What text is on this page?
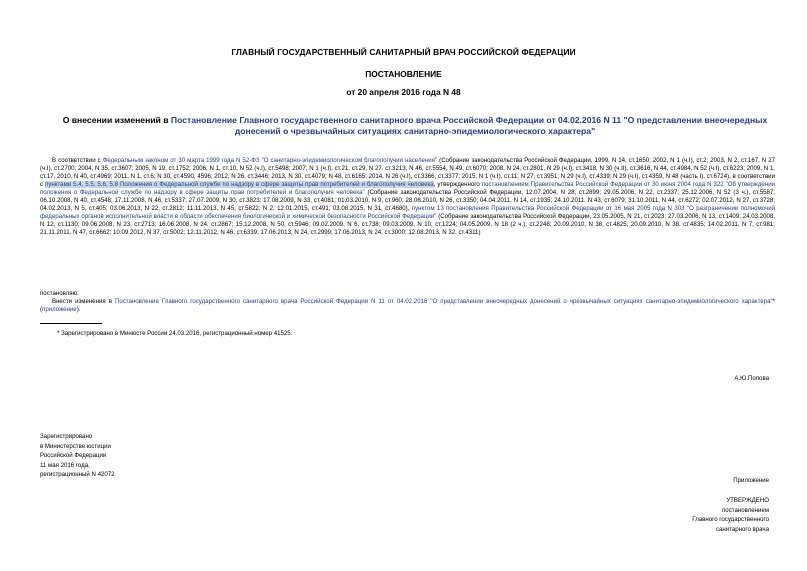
ГЛАВНЫЙ ГОСУДАРСТВЕННЫЙ САНИТАРНЫЙ ВРАЧ РОССИЙСКОЙ ФЕДЕРАЦИИ
ПОСТАНОВЛЕНИЕ
от 20 апреля 2016 года N 48
О внесении изменений в Постановление Главного государственного санитарного врача Российской Федерации от 04.02.2016 N 11 "О представлении внеочередных донесений о чрезвычайных ситуациях санитарно-эпидемиологического характера"
В соответствии с Федеральным законом от 30 марта 1999 года N 52-ФЗ "О санитарно-эпидемиологическом благополучии населения" (Собрание законодательства Российской Федерации, 1999, N 14, ст.1650; 2002, N 1 (ч.I), ст.2; 2003, N 2, ст.167, N 27 (ч.I), ст.2700; 2004, N 35, ст.3607; 2005, N 19, ст.1752; 2006, N 1, ст.10, N 52 (ч.I), ст.5498; 2007, N 1 (ч.I), ст.21, ст.29, N 27, ст.3213, N 46, ст.5554, N 49, ст.6070; 2008, N 24, ст.2801, N 29 (ч.I), ст.3418, N 30 (ч.II), ст.3616, N 44, ст.4984, N 52 (ч.I), ст.6223; 2009, N 1, ст.17, 2010, N 40, ст.4969; 2011, N 1, ст.6; N 30, ст.4590, 4596; 2012, N 26, ст.3446; 2013, N 30, ст.4079; N 48, ст.6165; 2014, N 26 (ч.I), ст.3366, ст.3377; 2015, N 1 (ч.I), ст.11; N 27, ст.3951; N 29 (ч.I), ст.4339; N 29 (ч.I), ст.4359, N 48 (часть I), ст.6724), в соответствии с пунктами 5.4, 5.5, 5.6, 5.8 Положения о Федеральной службе по надзору в сфере защиты прав потребителей и благополучия человека, утвержденного постановлением Правительства Российской Федерации от 30 июня 2004 года N 322 "Об утверждении положения о Федеральной службе по надзору в сфере защиты прав потребителей и благополучия человека" (Собрание законодательства Российской Федерации, 12.07.2004, N 28, ст.2899; 29.05.2006, N 22, ст.2337; 25.12.2006, N 52 (3 ч.), ст.5587; 06.10.2008, N 40, ст.4548; 17.11.2008, N 46, ст.5337; 27.07.2009, N 30, ст.3823; 17.08.2009, N 33, ст.4081; 01.03.2010, N 9, ст.960; 28.06.2010, N 26, ст.3350; 04.04.2011, N 14, ст.1935; 24.10.2011, N 43, ст.6079; 31.10.2011, N 44, ст.6272; 02.07.2012, N 27, ст.3728; 04.02.2013, N 5, ст.405; 03.06.2013, N 22, ст.2812; 11.11.2013, N 45, ст.5822; N 2, 12.01.2015, ст.491; 03.08.2015, N 31, ст.4680), пунктом 13 постановления Правительства Российской Федерации от 16 мая 2005 года N 303 "О разграничении полномочий федеральных органов исполнительной власти в области обеспечения биологической и химической безопасности Российской Федерации" (Собрание законодательства Российской Федерации, 23.05.2005, N 21, ст.2023; 27.03.2006, N 13, ст.1409; 24.03.2008, N 12, ст.1130; 09.06.2008, N 23, ст.2713; 16.06.2008, N 24, ст.2867; 15.12.2008, N 50, ст.5946; 09.02.2009, N 6, ст.738; 09.03.2009, N 10, ст.1224; 04.05.2009, N 18 (2 ч.), ст.2248; 20.09.2010, N 38, ст.4825; 20.09.2010, N 38, ст.4835; 14.02.2011, N 7, ст.981; 21.11.2011, N 47, ст.6662; 10.09.2012, N 37, ст.5002; 12.11.2012, N 46, ст.6339; 17.06.2013, N 24, ст.2999; 17.06.2013, N 24, ст.3000; 12.08.2013, N 32, ст.4311)
постановляю:
Внести изменения в Постановление Главного государственного санитарного врача Российской Федерации N 11 от 04.02.2016 "О представлении внеочередных донесений о чрезвычайных ситуациях санитарно-эпидемиологического характера"* (приложение).
* Зарегистрировано в Минюсте России 24.03.2016, регистрационный номер 41525.
А.Ю.Попова
Зарегистрировано
в Министерстве юстиции
Российской Федерации
11 мая 2016 года,
регистрационный N 42072
Приложение
УТВЕРЖДЕНО
постановлением
Главного государственного
санитарного врача
